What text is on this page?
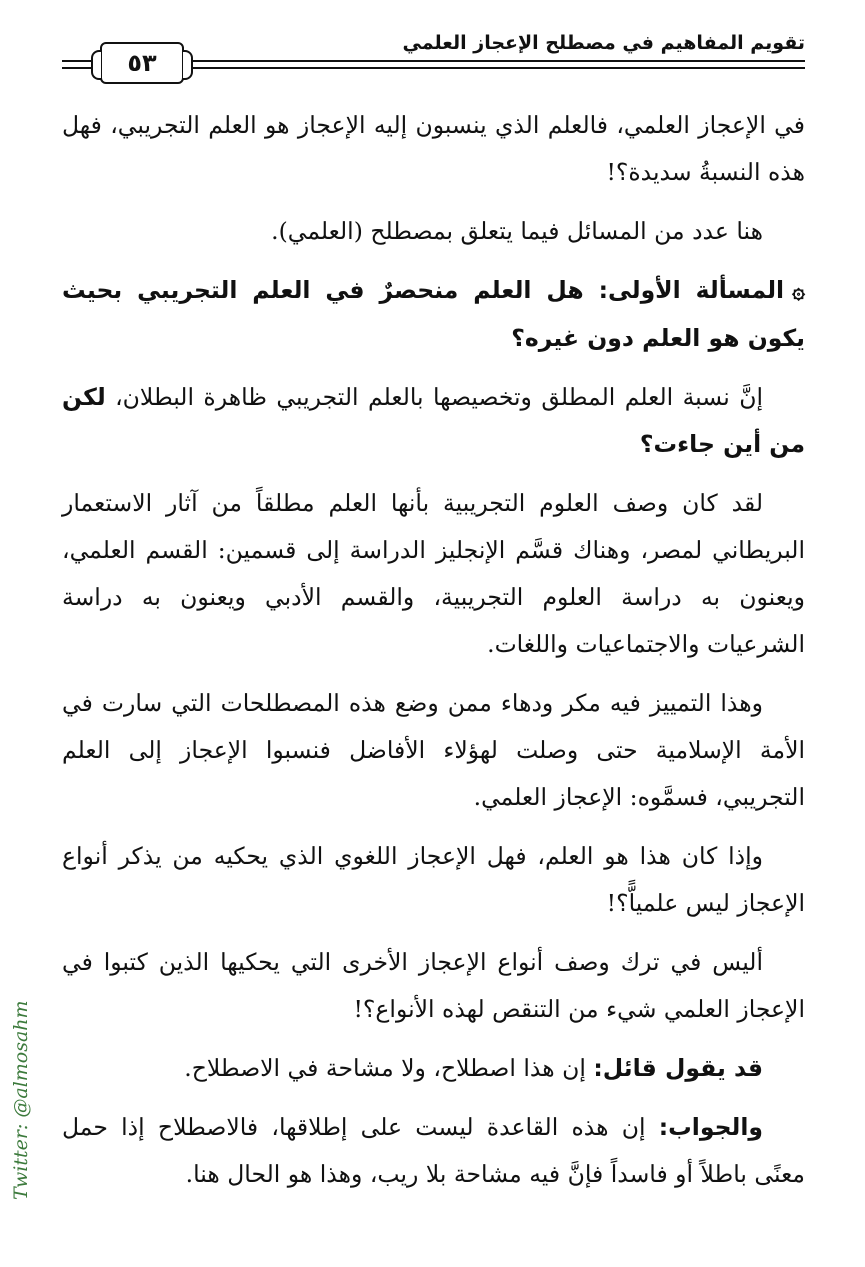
٥٣
تقويم المفاهيم في مصطلح الإعجاز العلمي

في الإعجاز العلمي، فالعلم الذي ينسبون إليه الإعجاز هو العلم التجريبي، فهل هذه النسبةُ سديدة؟!

هنا عدد من المسائل فيما يتعلق بمصطلح (العلمي).

۞المسألة الأولى: هل العلم منحصرٌ في العلم التجريبي بحيث يكون هو العلم دون غيره؟

إنَّ نسبة العلم المطلق وتخصيصها بالعلم التجريبي ظاهرة البطلان، لكن من أين جاءت؟

لقد كان وصف العلوم التجريبية بأنها العلم مطلقاً من آثار الاستعمار البريطاني لمصر، وهناك قسَّم الإنجليز الدراسة إلى قسمين: القسم العلمي، ويعنون به دراسة العلوم التجريبية، والقسم الأدبي ويعنون به دراسة الشرعيات والاجتماعيات واللغات.

وهذا التمييز فيه مكر ودهاء ممن وضع هذه المصطلحات التي سارت في الأمة الإسلامية حتى وصلت لهؤلاء الأفاضل فنسبوا الإعجاز إلى العلم التجريبي، فسمَّوه: الإعجاز العلمي.

وإذا كان هذا هو العلم، فهل الإعجاز اللغوي الذي يحكيه من يذكر أنواع الإعجاز ليس علمياًّ؟!

أليس في ترك وصف أنواع الإعجاز الأخرى التي يحكيها الذين كتبوا في الإعجاز العلمي شيء من التنقص لهذه الأنواع؟!

قد يقول قائل: إن هذا اصطلاح، ولا مشاحة في الاصطلاح.

والجواب: إن هذه القاعدة ليست على إطلاقها، فالاصطلاح إذا حمل معنًى باطلاً أو فاسداً فإنَّ فيه مشاحة بلا ريب، وهذا هو الحال هنا.

Twitter: @almosahm
